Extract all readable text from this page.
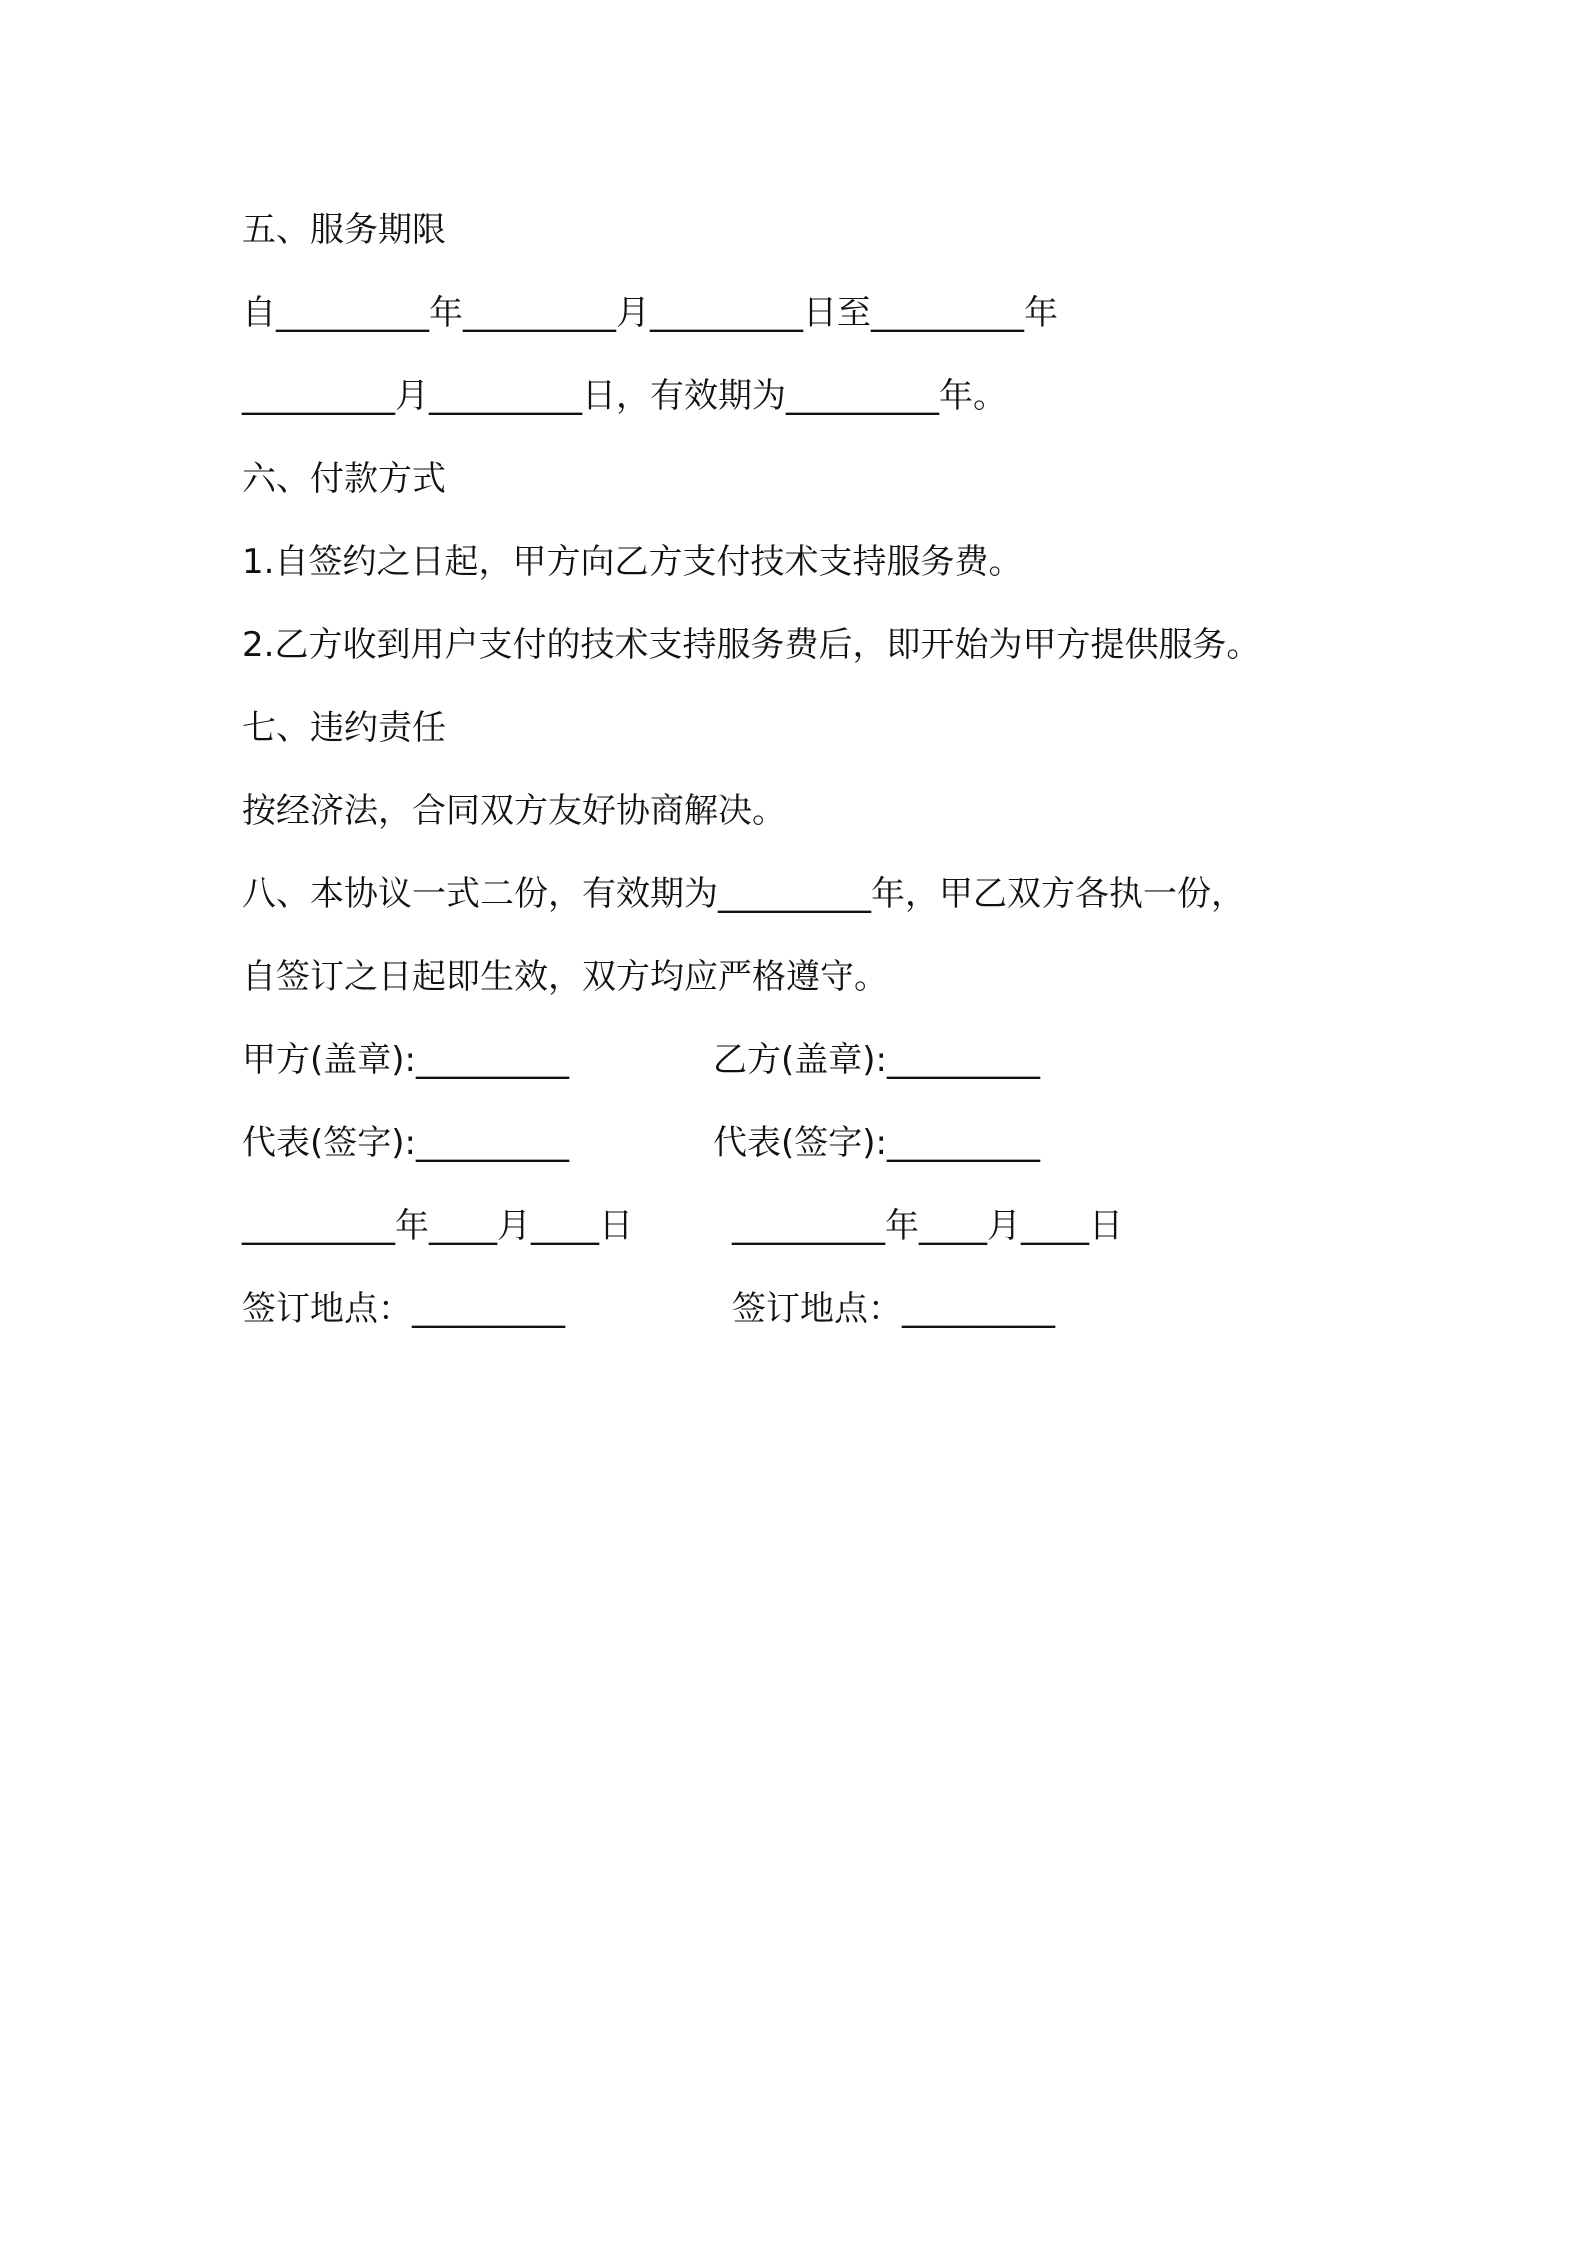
五、服务期限
自_________年_________月_________日至_________年
_________月_________日，有效期为_________年。
六、付款方式
1.自签约之日起，甲方向乙方支付技术支持服务费。
2.乙方收到用户支付的技术支持服务费后，即开始为甲方提供服务。
七、违约责任
按经济法，合同双方友好协商解决。
八、本协议一式二份，有效期为_________年，甲乙双方各执一份，
自签订之日起即生效，双方均应严格遵守。
甲方(盖章):_________	乙方(盖章):_________
代表(签字):_________	代表(签字):_________
_________年____月____日	_________年____月____日
签订地点：_________	签订地点：_________
